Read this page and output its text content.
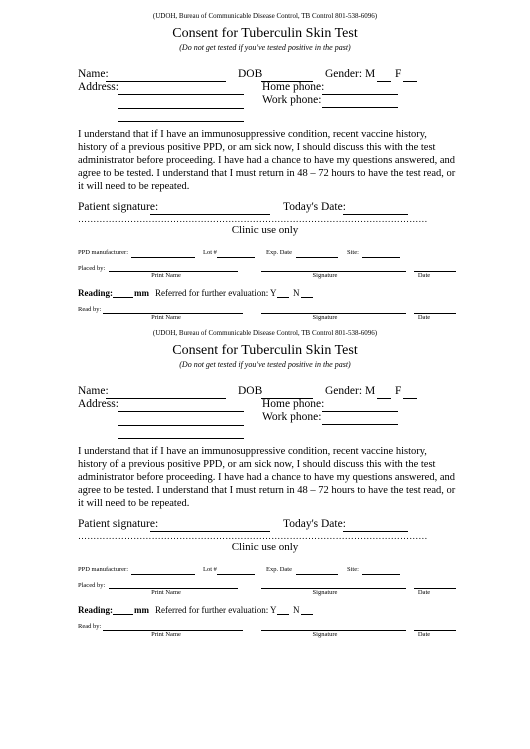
(UDOH, Bureau of Communicable Disease Control, TB Control 801-538-6096)
Consent for Tuberculin Skin Test
(Do not get tested if you've tested positive in the past)
Name:	DOB	Gender: M F
Address:	Home phone:
Work phone:
I understand that if I have an immunosuppressive condition, recent vaccine history, history of a previous positive PPD, or am sick now, I should discuss this with the test administrator before proceeding. I have had a chance to have my questions answered, and agree to be tested. I understand that I must return in 48 – 72 hours to have the test read, or it will need to be repeated.
Patient signature:	Today's Date:
……………………………………………………………………………………………………
Clinic use only
PPD manufacturer:	Lot #	Exp. Date	Site:
Placed by:
Print Name	Signature	Date
Reading: mm Referred for further evaluation: Y N
Read by:
Print Name	Signature	Date
(UDOH, Bureau of Communicable Disease Control, TB Control 801-538-6096)
Consent for Tuberculin Skin Test
(Do not get tested if you've tested positive in the past)
Name:	DOB	Gender: M F
Address:	Home phone:
Work phone:
I understand that if I have an immunosuppressive condition, recent vaccine history, history of a previous positive PPD, or am sick now, I should discuss this with the test administrator before proceeding. I have had a chance to have my questions answered, and agree to be tested. I understand that I must return in 48 – 72 hours to have the test read, or it will need to be repeated.
Patient signature:	Today's Date:
……………………………………………………………………………………………………
Clinic use only
PPD manufacturer:	Lot #	Exp. Date	Site:
Placed by:
Print Name	Signature	Date
Reading: mm Referred for further evaluation: Y N
Read by:
Print Name	Signature	Date
